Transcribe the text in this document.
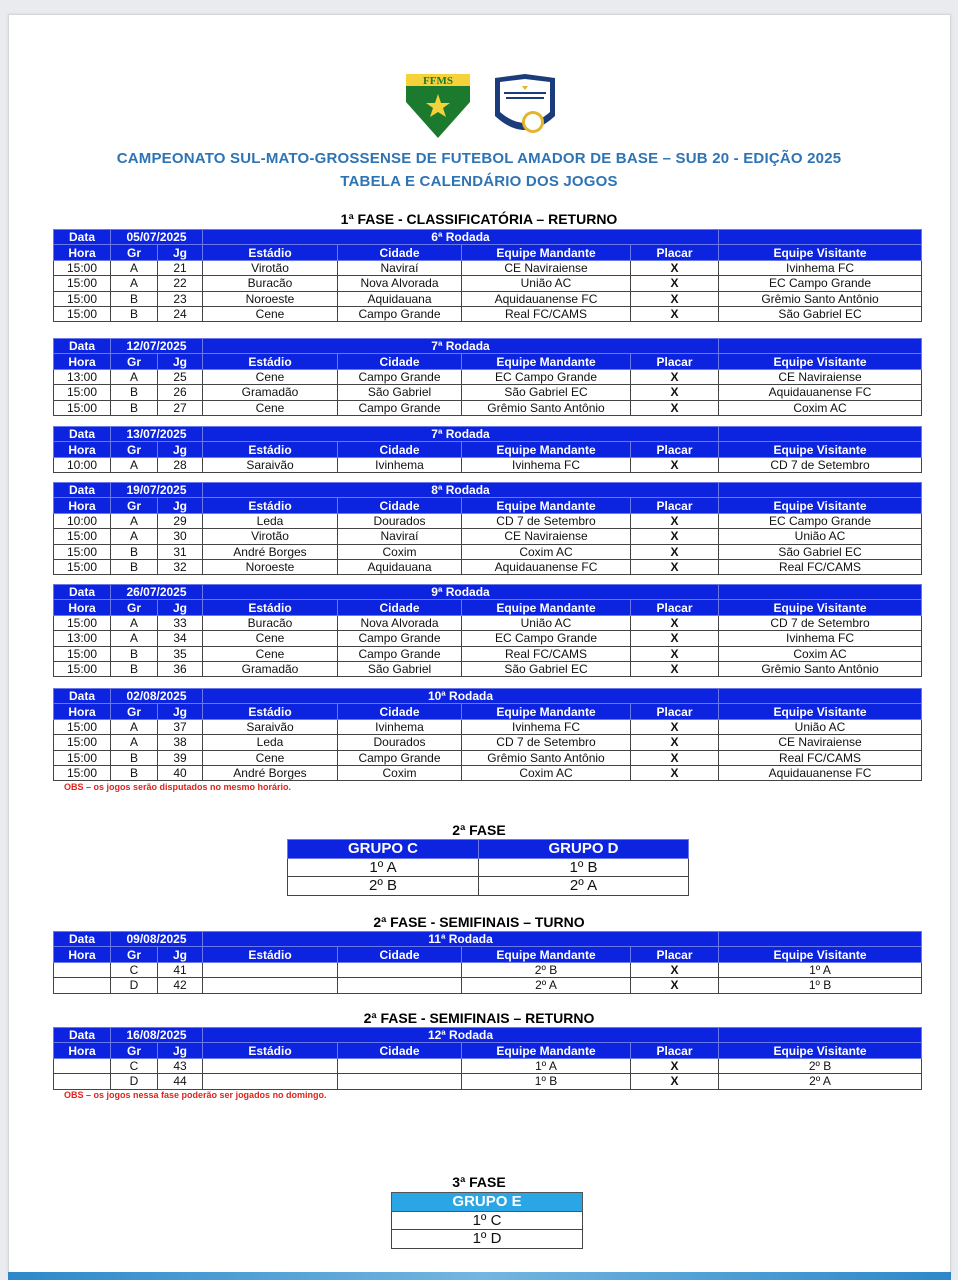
FFMS
CAMPEONATO SUL-MATO-GROSSENSE DE FUTEBOL AMADOR DE BASE – SUB 20 - EDIÇÃO 2025
TABELA E CALENDÁRIO DOS JOGOS
1ª FASE - CLASSIFICATÓRIA – RETURNO
Data	05/07/2025		6ª Rodada		
Hora	Gr	Jg	Estádio	Cidade	Equipe Mandante	Placar	Equipe Visitante	
15:00	A	21	Virotão	Naviraí	CE Naviraiense	X	Ivinhema FC	
15:00	A	22	Buracão	Nova Alvorada	União AC	X	EC Campo Grande	
15:00	B	23	Noroeste	Aquidauana	Aquidauanense FC	X	Grêmio Santo Antônio	
15:00	B	24	Cene	Campo Grande	Real FC/CAMS	X	São Gabriel EC	
Data	12/07/2025		7ª Rodada		
Hora	Gr	Jg	Estádio	Cidade	Equipe Mandante	Placar	Equipe Visitante	
13:00	A	25	Cene	Campo Grande	EC Campo Grande	X	CE Naviraiense	
15:00	B	26	Gramadão	São Gabriel	São Gabriel EC	X	Aquidauanense FC	
15:00	B	27	Cene	Campo Grande	Grêmio Santo Antônio	X	Coxim AC	
Data	13/07/2025		7ª Rodada		
Hora	Gr	Jg	Estádio	Cidade	Equipe Mandante	Placar	Equipe Visitante	
10:00	A	28	Saraivão	Ivinhema	Ivinhema FC	X	CD 7 de Setembro	
Data	19/07/2025		8ª Rodada		
Hora	Gr	Jg	Estádio	Cidade	Equipe Mandante	Placar	Equipe Visitante	
10:00	A	29	Leda	Dourados	CD 7 de Setembro	X	EC Campo Grande	
15:00	A	30	Virotão	Naviraí	CE Naviraiense	X	União AC	
15:00	B	31	André Borges	Coxim	Coxim AC	X	São Gabriel EC	
15:00	B	32	Noroeste	Aquidauana	Aquidauanense FC	X	Real FC/CAMS	
Data	26/07/2025		9ª Rodada		
Hora	Gr	Jg	Estádio	Cidade	Equipe Mandante	Placar	Equipe Visitante	
15:00	A	33	Buracão	Nova Alvorada	União AC	X	CD 7 de Setembro	
13:00	A	34	Cene	Campo Grande	EC Campo Grande	X	Ivinhema FC	
15:00	B	35	Cene	Campo Grande	Real FC/CAMS	X	Coxim AC	
15:00	B	36	Gramadão	São Gabriel	São Gabriel EC	X	Grêmio Santo Antônio	
Data	02/08/2025		10ª Rodada		
Hora	Gr	Jg	Estádio	Cidade	Equipe Mandante	Placar	Equipe Visitante	
15:00	A	37	Saraivão	Ivinhema	Ivinhema FC	X	União AC	
15:00	A	38	Leda	Dourados	CD 7 de Setembro	X	CE Naviraiense	
15:00	B	39	Cene	Campo Grande	Grêmio Santo Antônio	X	Real FC/CAMS	
15:00	B	40	André Borges	Coxim	Coxim AC	X	Aquidauanense FC	
OBS – os jogos serão disputados no mesmo horário.
2ª FASE
GRUPO C	GRUPO D
1º A	1º B
2º B	2º A
2ª FASE - SEMIFINAIS – TURNO
Data	09/08/2025		11ª Rodada		
Hora	Gr	Jg	Estádio	Cidade	Equipe Mandante	Placar	Equipe Visitante	
	C	41			2º B	X	1º A	
	D	42			2º A	X	1º B	
2ª FASE - SEMIFINAIS – RETURNO
Data	16/08/2025		12ª Rodada		
Hora	Gr	Jg	Estádio	Cidade	Equipe Mandante	Placar	Equipe Visitante	
	C	43			1º A	X	2º B	
	D	44			1º B	X	2º A	
OBS – os jogos nessa fase poderão ser jogados no domingo.
3ª FASE
GRUPO E
1º C
1º D
